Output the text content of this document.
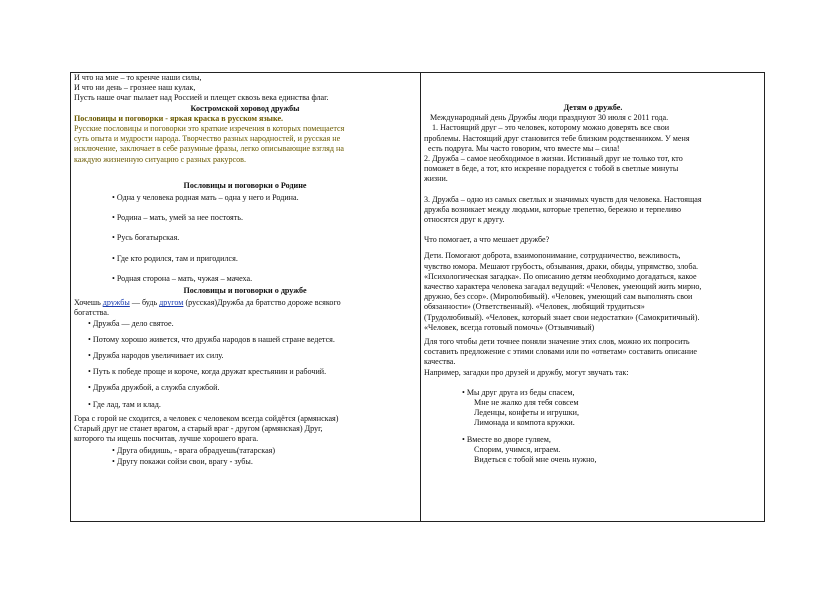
И что на мне – то кренче наши силы,
И что ни день – грознее наш кулак,
Пусть наше очаг пылает над Россией и плещет сквозь века единства флаг.
Костромской хоровод дружбы
Пословицы и поговорки - яркая краска в русском языке.
Русские пословицы и поговорки это краткие изречения в которых помещается
суть опыта и мудрости народа. Творчество разных народностей, и русская не
исключение, заключает в себе разумные фразы, легко описывающие взгляд на
каждую жизненную ситуацию с разных ракурсов.
Пословицы и поговорки о Родине
• Одна у человека родная мать – одна у него и Родина.
• Родина – мать, умей за нее постоять.
• Русь богатырская.
• Где кто родился, там и пригодился.
• Родная сторона – мать, чужая – мачеха.
Пословицы и поговорки о дружбе
Хочешь дружбы — будь другом (русская)Дружба да братство дороже всякого
богатства.
• Дружба — дело святое.
• Потому хорошо живется, что дружба народов в нашей стране ведется.
• Дружба народов увеличивает их силу.
• Путь к победе проще и короче, когда дружат крестьянин и рабочий.
• Дружба дружбой, а служба службой.
• Где лад, там и клад.
Гора с горой не сходится, а человек с человеком всегда сойдётся (армянская)
Старый друг не станет врагом, а старый враг - другом (армянская) Друг,
которого ты ищешь посчитав, лучше хорошего врага.
• Друга обидишь, - врага обрадуешь(татарская)
• Другу покажи сойзи свои, врагу - зубы.
Детям о дружбе.
Международный день Дружбы люди празднуют 30 июля с 2011 года.
1. Настоящий друг – это человек, которому можно доверять все свои
проблемы. Настоящий друг становится тебе близким родственником. У меня
есть подруга. Мы часто говорим, что вместе мы – сила!
2. Дружба – самое необходимое в жизни. Истинный друг не только тот, кто
поможет в беде, а тот, кто искренне порадуется с тобой в светлые минуты
жизни.
3. Дружба – одно из самых светлых и значимых чувств для человека. Настоящая
дружба возникает между людьми, которые трепетно, бережно и терпеливо
относятся друг к другу.
Что помогает, а что мешает дружбе?
Дети. Помогают доброта, взаимопонимание, сотрудничество, вежливость,
чувство юмора. Мешают грубость, обзывания, драки, обиды, упрямство, злоба.
«Психологическая загадка». По описанию детям необходимо догадаться, какое
качество характера человека загадал ведущий: «Человек, умеющий жить мирно,
дружно, без ссор». (Миролюбивый). «Человек, умеющий сам выполнять свои
обязанности» (Ответственный). «Человек, любящий трудиться»
(Трудолюбивый). «Человек, который знает свои недостатки» (Самокритичный).
«Человек, всегда готовый помочь» (Отзывчивый)
Для того чтобы дети точнее поняли значение этих слов, можно их попросить
составить предложение с этими словами или по «ответам» составить описание
качества.
Например, загадки про друзей и дружбу, могут звучать так:
• Мы друг друга из беды спасем,
Мне не жалко для тебя совсем
Леденцы, конфеты и игрушки,
Лимонада и компота кружки.
• Вместе во дворе гуляем,
Спорим, учимся, играем.
Видеться с тобой мне очень нужно,
